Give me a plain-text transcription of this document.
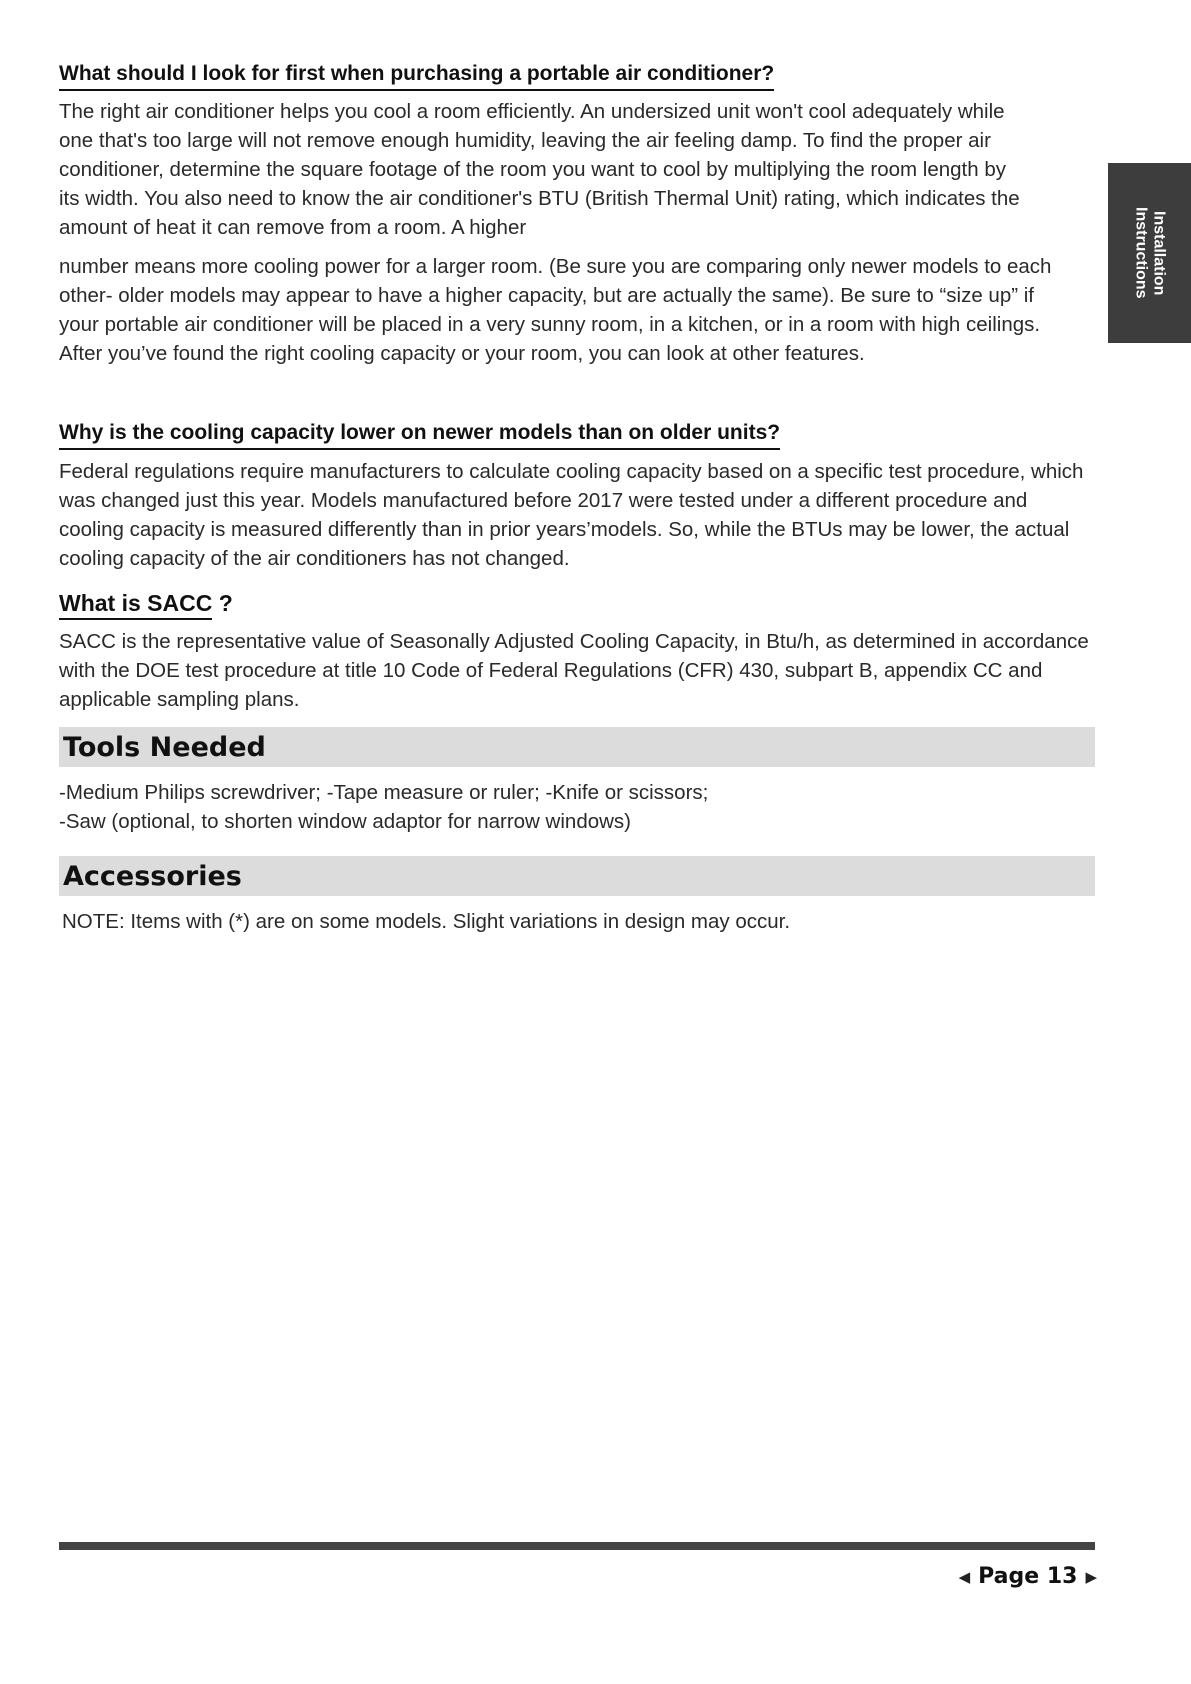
Installation
Instructions
What should I look for first when purchasing a portable air conditioner?

The right air conditioner helps you cool a room efficiently. An undersized unit won't cool adequately while

one that's too large will not remove enough humidity, leaving the air feeling damp. To find the proper air

conditioner, determine the square footage of the room you want to cool by multiplying the room length by

its width. You also need to know the air conditioner's BTU (British Thermal Unit) rating, which indicates the

amount of heat it can remove from a room. A higher

number means more cooling power for a larger room. (Be sure you are comparing only newer models to each

other- older models may appear to have a higher capacity, but are actually the same). Be sure to “size up” if

your portable air conditioner will be placed in a very sunny room, in a kitchen, or in a room with high ceilings.

After you’ve found the right cooling capacity or your room, you can look at other features.

Why is the cooling capacity lower on newer models than on older units?

Federal regulations require manufacturers to calculate cooling capacity based on a specific test procedure, which

was changed just this year. Models manufactured before 2017 were tested under a different procedure and

cooling capacity is measured differently than in prior years’models. So, while the BTUs may be lower, the actual

cooling capacity of the air conditioners has not changed.

What is SACC ?

SACC is the representative value of Seasonally Adjusted Cooling Capacity, in Btu/h, as determined in accordance

with the DOE test procedure at title 10 Code of Federal Regulations (CFR) 430, subpart B, appendix CC and

applicable sampling plans.

Tools Needed

-Medium Philips screwdriver; -Tape measure or ruler; -Knife or scissors;

-Saw (optional, to shorten window adaptor for narrow windows)

Accessories

NOTE: Items with (*) are on some models. Slight variations in design may occur.

◀ Page 13 ▶
